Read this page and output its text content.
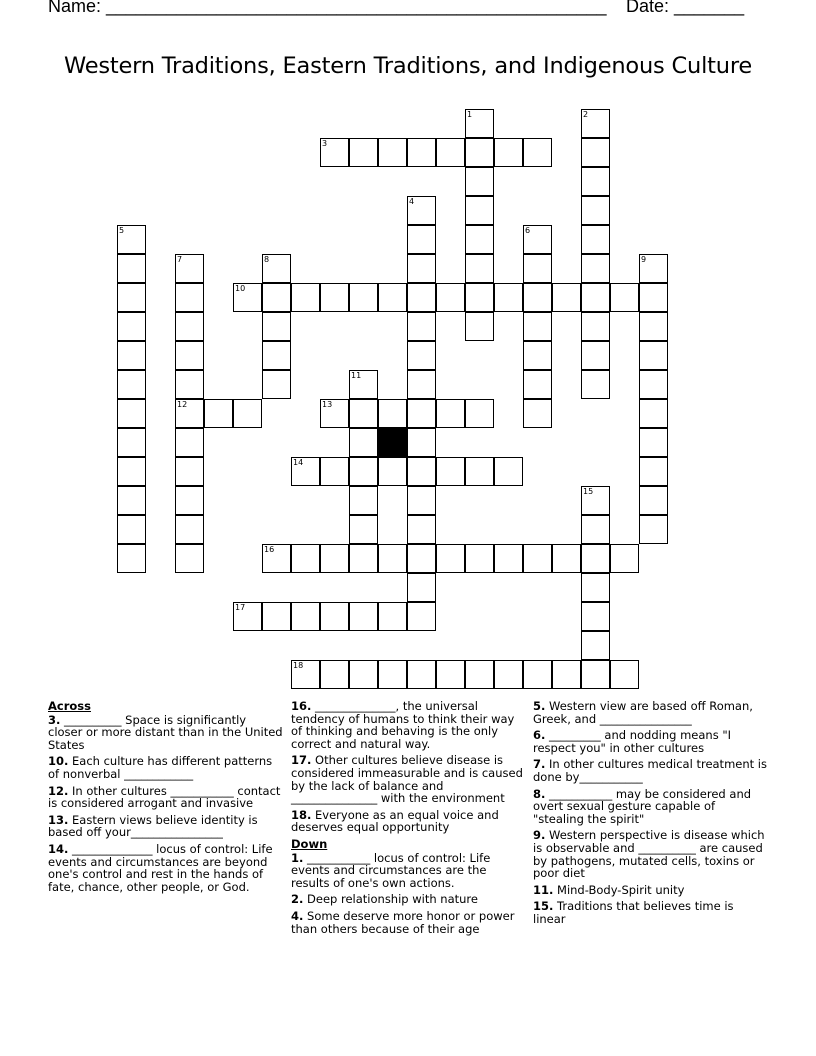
Name: __________________________________________________ Date: _______
Western Traditions, Eastern Traditions, and Indigenous Culture
3
10
12	13
14
16
17
18
1	2
4
5	6
7	8	9
11
15
Across
3. __________ Space is significantly closer or more distant than in the United States
10. Each culture has different patterns of nonverbal ____________
12. In other cultures ___________ contact is considered arrogant and invasive
13. Eastern views believe identity is based off your________________
14. ______________ locus of control: Life events and circumstances are beyond one's control and rest in the hands of fate, chance, other people, or God.
16. ______________, the universal tendency of humans to think their way of thinking and behaving is the only correct and natural way.
17. Other cultures believe disease is considered immeasurable and is caused by the lack of balance and _______________ with the environment
18. Everyone as an equal voice and deserves equal opportunity
Down
1. ___________ locus of control: Life events and circumstances are the results of one's own actions.
2. Deep relationship with nature
4. Some deserve more honor or power than others because of their age
5. Western view are based off Roman, Greek, and ________________
6. _________ and nodding means "I respect you" in other cultures
7. In other cultures medical treatment is done by___________
8. ___________ may be considered and overt sexual gesture capable of "stealing the spirit"
9. Western perspective is disease which is observable and __________ are caused by pathogens, mutated cells, toxins or poor diet
11. Mind-Body-Spirit unity
15. Traditions that believes time is linear
